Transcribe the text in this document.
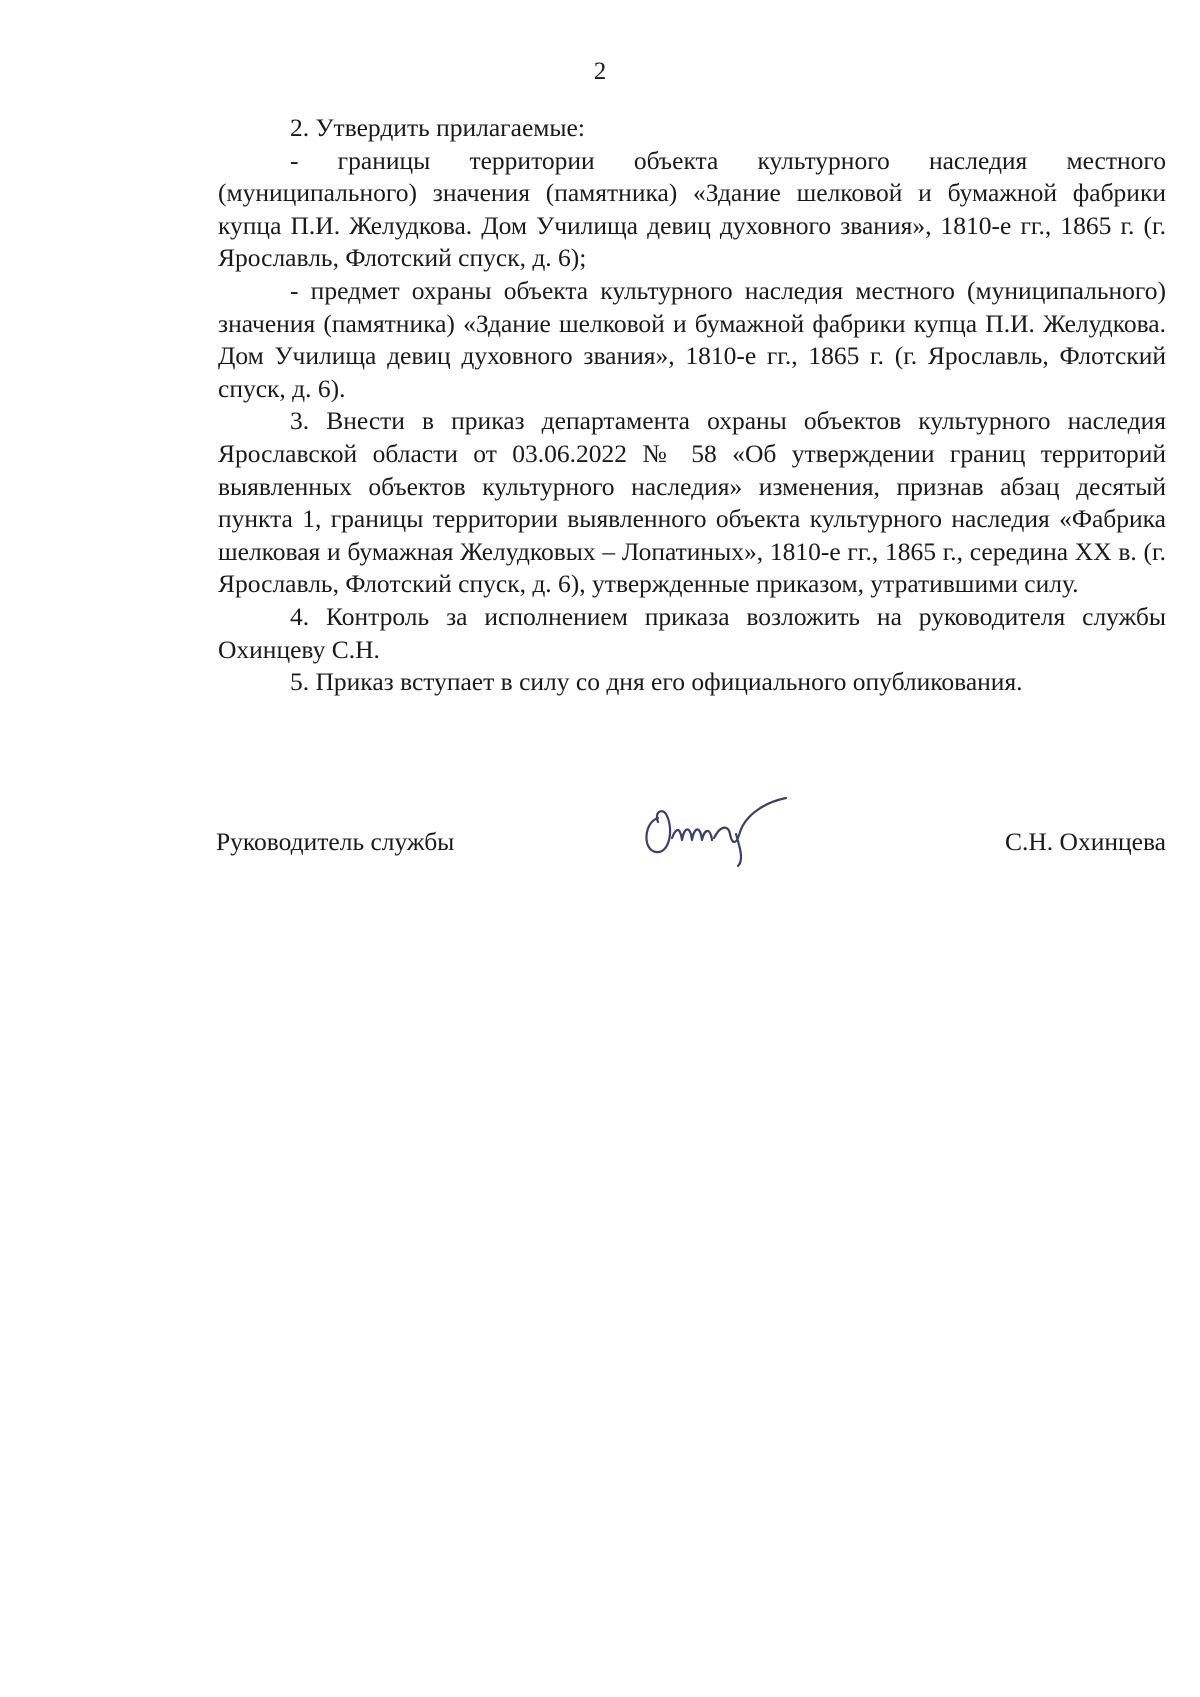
2

2. Утвердить прилагаемые:

- границы территории объекта культурного наследия местного (муниципального) значения (памятника) «Здание шелковой и бумажной фабрики купца П.И. Желудкова. Дом Училища девиц духовного звания», 1810-е гг., 1865 г. (г. Ярославль, Флотский спуск, д. 6);

- предмет охраны объекта культурного наследия местного (муниципального) значения (памятника) «Здание шелковой и бумажной фабрики купца П.И. Желудкова. Дом Училища девиц духовного звания», 1810-е гг., 1865 г. (г. Ярославль, Флотский спуск, д. 6).

3. Внести в приказ департамента охраны объектов культурного наследия Ярославской области от 03.06.2022 № 58 «Об утверждении границ территорий выявленных объектов культурного наследия» изменения, признав абзац десятый пункта 1, границы территории выявленного объекта культурного наследия «Фабрика шелковая и бумажная Желудковых – Лопатиных», 1810-е гг., 1865 г., середина XX в. (г. Ярославль, Флотский спуск, д. 6), утвержденные приказом, утратившими силу.

4. Контроль за исполнением приказа возложить на руководителя службы Охинцеву С.Н.

5. Приказ вступает в силу со дня его официального опубликования.

Руководитель службы	С.Н. Охинцева
